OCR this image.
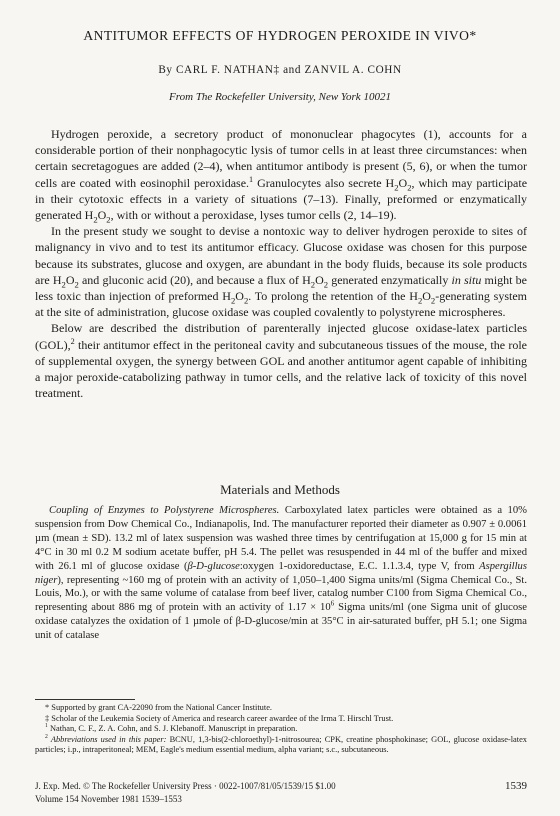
ANTITUMOR EFFECTS OF HYDROGEN PEROXIDE IN VIVO*
By CARL F. NATHAN‡ and ZANVIL A. COHN
From The Rockefeller University, New York 10021

Hydrogen peroxide, a secretory product of mononuclear phagocytes (1), accounts for a considerable portion of their nonphagocytic lysis of tumor cells in at least three circumstances: when certain secretagogues are added (2–4), when antitumor antibody is present (5, 6), or when the tumor cells are coated with eosinophil peroxidase.$^1$ Granulocytes also secrete $H_2O_2$, which may participate in their cytotoxic effects in a variety of situations (7–13). Finally, preformed or enzymatically generated $H_2O_2$, with or without a peroxidase, lyses tumor cells (2, 14–19).

In the present study we sought to devise a nontoxic way to deliver hydrogen peroxide to sites of malignancy in vivo and to test its antitumor efficacy. Glucose oxidase was chosen for this purpose because its substrates, glucose and oxygen, are abundant in the body fluids, because its sole products are $H_2O_2$ and gluconic acid (20), and because a flux of $H_2O_2$ generated enzymatically in situ might be less toxic than injection of preformed $H_2O_2$. To prolong the retention of the $H_2O_2$-generating system at the site of administration, glucose oxidase was coupled covalently to polystyrene microspheres.

Below are described the distribution of parenterally injected glucose oxidase-latex particles (GOL),$^2$ their antitumor effect in the peritoneal cavity and subcutaneous tissues of the mouse, the role of supplemental oxygen, the synergy between GOL and another antitumor agent capable of inhibiting a major peroxide-catabolizing pathway in tumor cells, and the relative lack of toxicity of this novel treatment.

Materials and Methods

Coupling of Enzymes to Polystyrene Microspheres. Carboxylated latex particles were obtained as a 10% suspension from Dow Chemical Co., Indianapolis, Ind. The manufacturer reported their diameter as 0.907 ± 0.0061 µm (mean ± SD). 13.2 ml of latex suspension was washed three times by centrifugation at 15,000 g for 15 min at 4°C in 30 ml 0.2 M sodium acetate buffer, pH 5.4. The pellet was resuspended in 44 ml of the buffer and mixed with 26.1 ml of glucose oxidase (β-D-glucose:oxygen 1-oxidoreductase, E.C. 1.1.3.4, type V, from Aspergillus niger), representing ~160 mg of protein with an activity of 1,050–1,400 Sigma units/ml (Sigma Chemical Co., St. Louis, Mo.), or with the same volume of catalase from beef liver, catalog number C100 from Sigma Chemical Co., representing about 886 mg of protein with an activity of $1.17 \times 10^6$ Sigma units/ml (one Sigma unit of glucose oxidase catalyzes the oxidation of 1 µmole of β-D-glucose/min at 35°C in air-saturated buffer, pH 5.1; one Sigma unit of catalase

* Supported by grant CA-22090 from the National Cancer Institute.

‡ Scholar of the Leukemia Society of America and research career awardee of the Irma T. Hirschl Trust.

$^1$ Nathan, C. F., Z. A. Cohn, and S. J. Klebanoff. Manuscript in preparation.

$^2$ Abbreviations used in this paper: BCNU, 1,3-bis(2-chloroethyl)-1-nitrosourea; CPK, creatine phosphokinase; GOL, glucose oxidase-latex particles; i.p., intraperitoneal; MEM, Eagle's medium essential medium, alpha variant; s.c., subcutaneous.

J. Exp. Med. © The Rockefeller University Press · 0022-1007/81/05/1539/15 $1.00	1539
Volume 154 November 1981 1539–1553
